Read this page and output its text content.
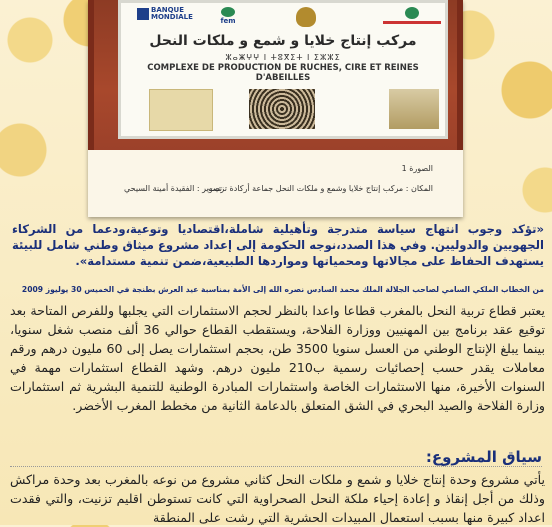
BANQUE MONDIALE	fem
مركب إنتاج خلايا و شمع و ملكات النحل
ⵣⴰⵥⵖⵖ ⵏ ⵜⵓⴳⵉⵜ ⵏ ⵉⵣⵣⵉ
COMPLEXE DE PRODUCTION DE RUCHES, CIRE ET REINES D'ABEILLES
الصورة 1
المكان : مركب إنتاج خلايا وشمع و ملكات النحل جماعة أركادة تزنيت
تصوير : الفقيدة أمينة السيحي
«تؤكد وجوب انتهاج سياسة متدرجة وتأهيلية شاملة،اقتصاديا وتوعية،ودعما من الشركاء الجهويين والدوليين. وفي هذا الصدد،نوجه الحكومة إلى إعداد مشروع ميثاق وطني شامل للبيئة يستهدف الحفاظ على مجالاتها ومحمياتها ومواردها الطبيعية،ضمن تنمية مستدامة».
من الخطاب الملكي السامي لصاحب الجلالة الملك محمد السادس نصره الله إلى الأمة بمناسبة عيد العرش بطنجة في الخميس 30 يوليوز 2009
يعتبر قطاع تربية النحل بالمغرب قطاعا واعدا بالنظر لحجم الاستثمارات التي يجلبها وللفرص المتاحة بعد توقيع عقد برنامج بين المهنيين ووزارة الفلاحة، ويستقطب القطاع حوالي 36 ألف منصب شغل سنويا، بينما يبلغ الإنتاج الوطني من العسل سنويا 3500 طن، بحجم استثمارات يصل إلى 60 مليون درهم ورقم معاملات يقدر حسب إحصائيات رسمية ب210 مليون درهم. وشهد القطاع استثمارات مهمة في السنوات الأخيرة، منها الاستثمارات الخاصة واستثمارات المبادرة الوطنية للتنمية البشرية ثم استثمارات وزارة الفلاحة والصيد البحري في الشق المتعلق بالدعامة الثانية من مخطط المغرب الأخضر.
سياق المشروع:
يأتي مشروع وحدة إنتاج خلايا و شمع و ملكات النحل كثاني مشروع من نوعه بالمغرب بعد وحدة مراكش وذلك من أجل إنقاذ و إعادة إحياء ملكة النحل الصحراوية التي كانت تستوطن اقليم تزنيت، والتي فقدت اعداد كبيرة منها بسبب استعمال المبيدات الحشرية التي رشت على المنطقة
